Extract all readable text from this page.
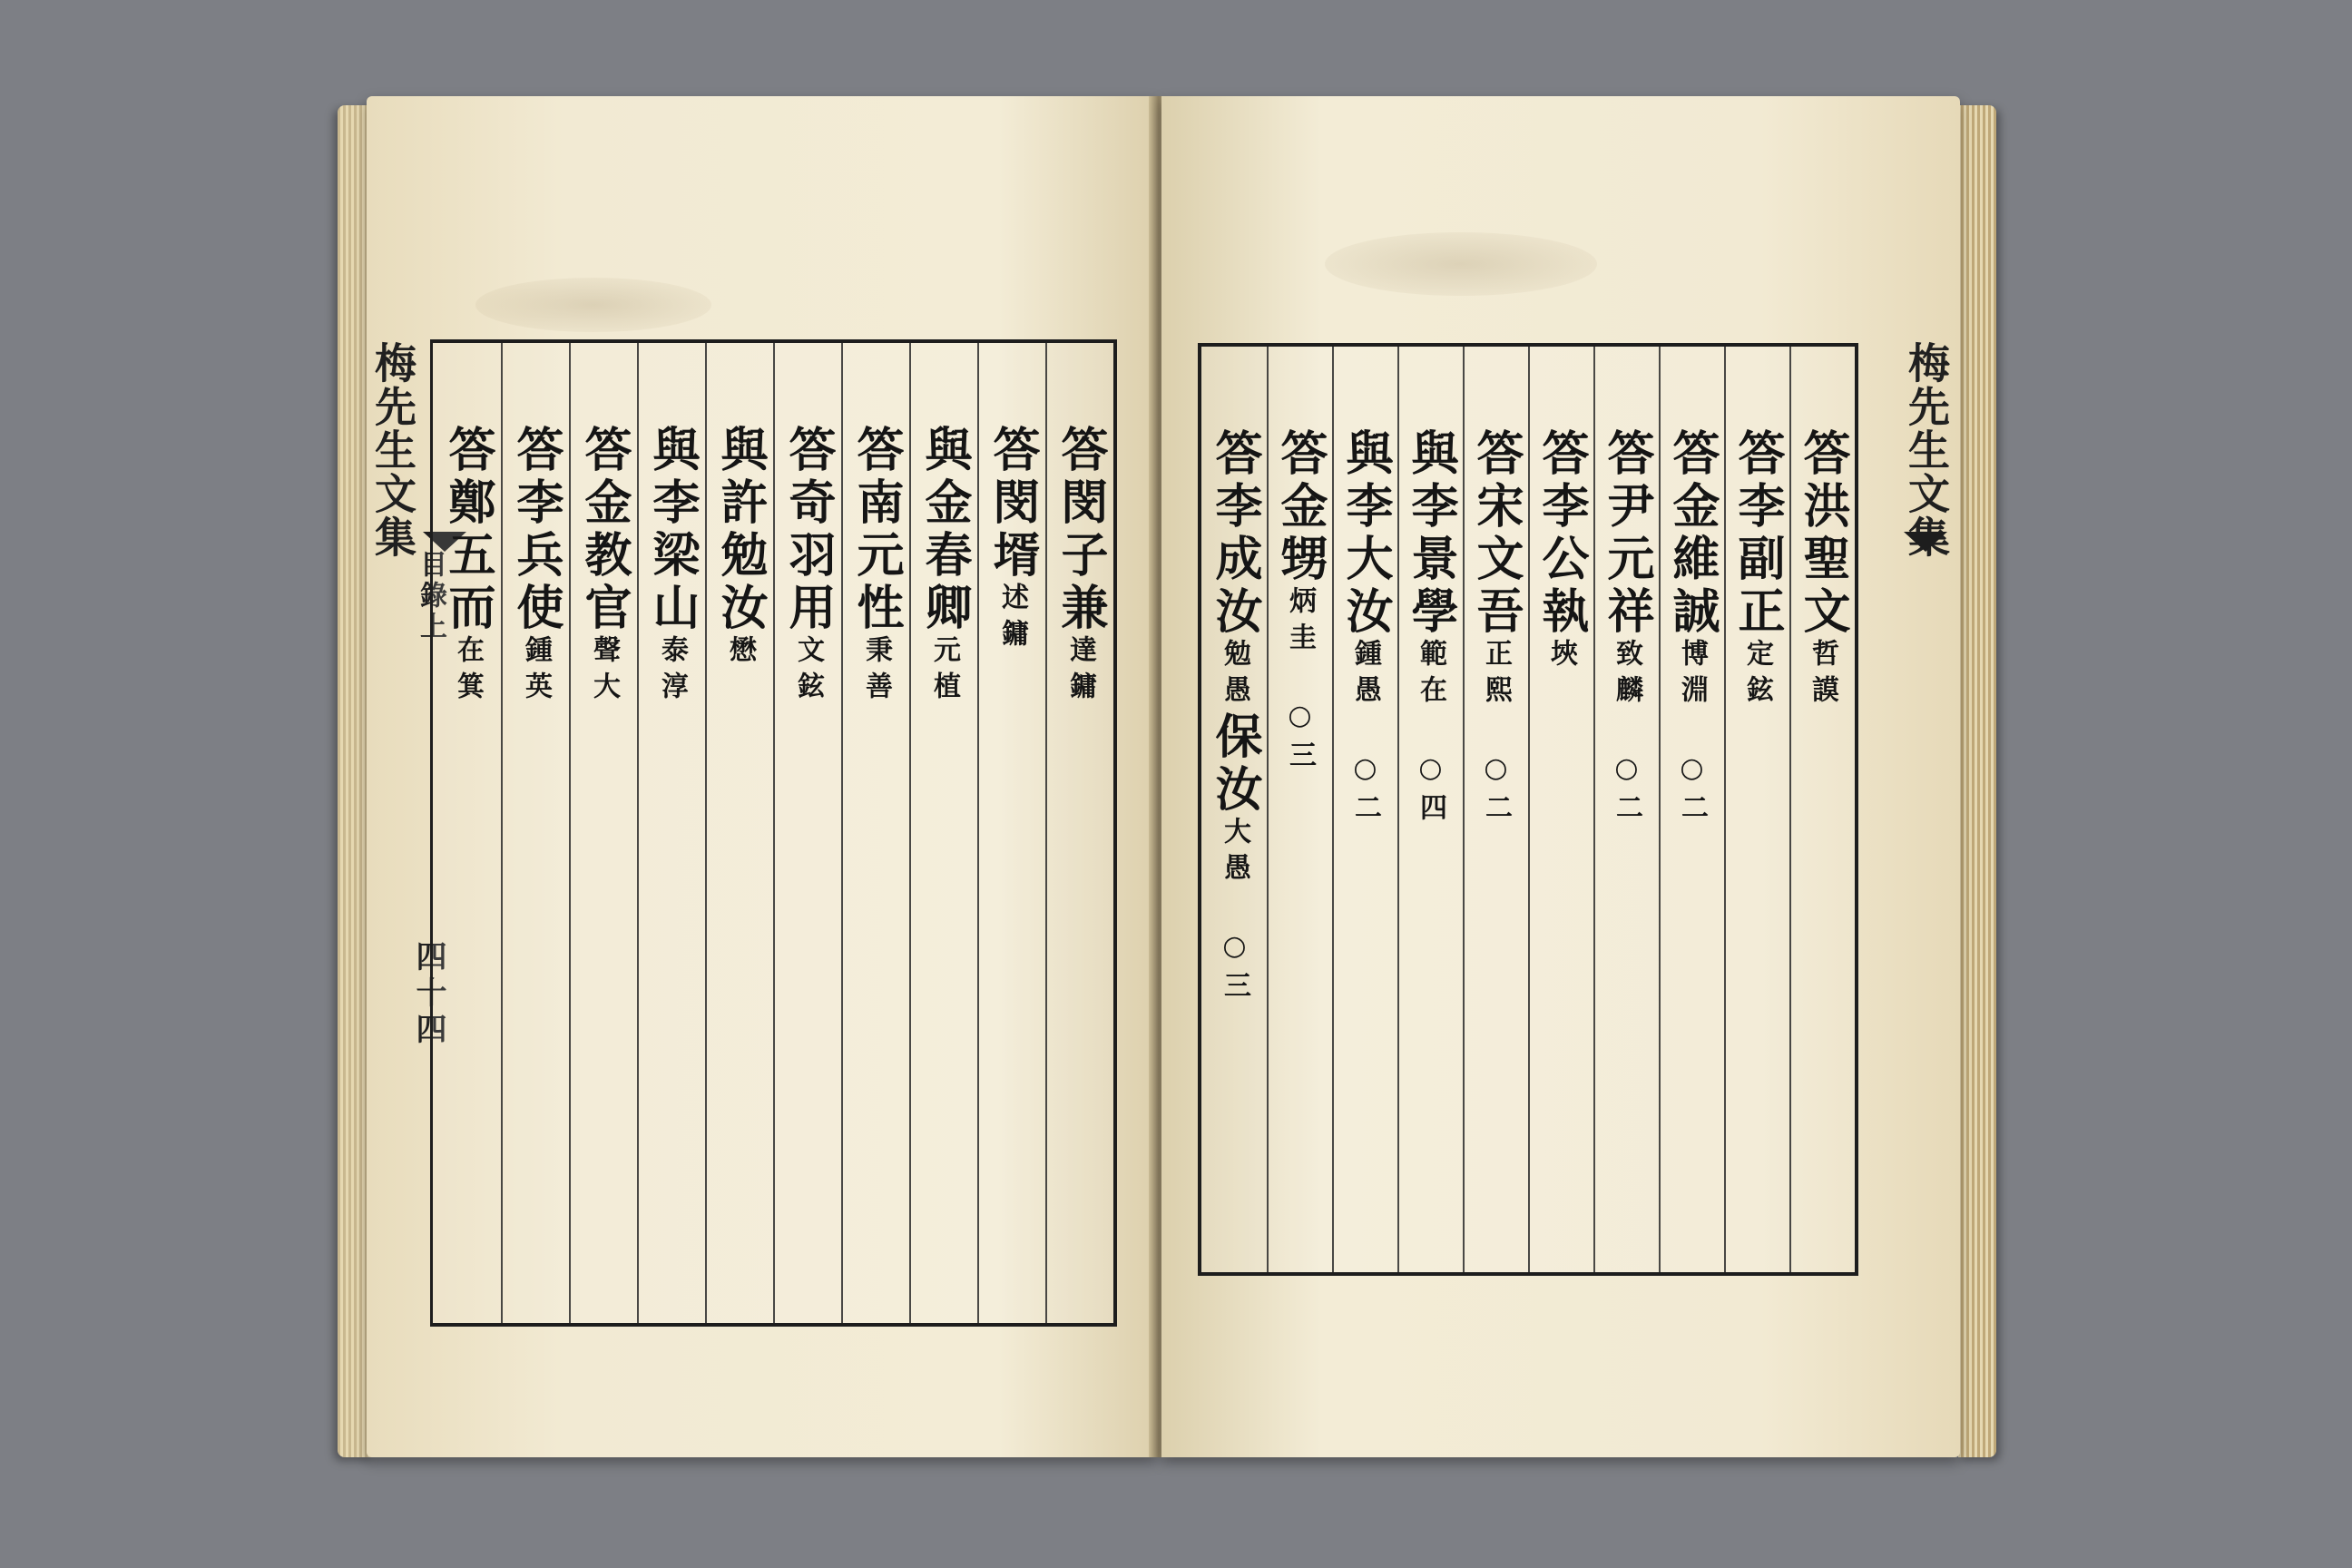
梅先生文集
目錄上
四十四
答閔子兼達鏞
答閔壻述鏞
與金春卿元植
答南元性秉善
答奇羽用文鉉
與許勉汝懋
與李梁山泰淳
答金教官聲大
答李兵使鍾英
答鄭五而在箕
梅先生文集
答洪聖文哲謨
答李副正定鉉
答金維誠博淵 ○二
答尹元祥致麟 ○二
答李公執埉
答宋文吾正熙 ○二
與李景學範在 ○四
與李大汝鍾愚 ○二
答金甥炳圭 ○三
答李成汝勉愚保汝大愚 ○三
